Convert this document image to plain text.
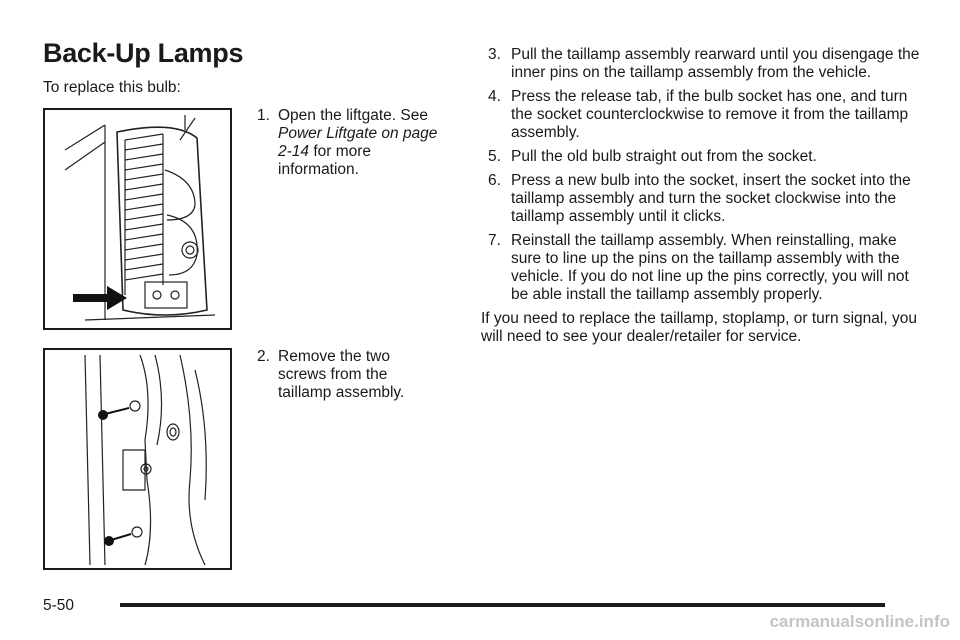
Back-Up Lamps
To replace this bulb:
1. Open the liftgate. See Power Liftgate on page 2-14 for more information.
2. Remove the two screws from the taillamp assembly.
3. Pull the taillamp assembly rearward until you disengage the inner pins on the taillamp assembly from the vehicle.
4. Press the release tab, if the bulb socket has one, and turn the socket counterclockwise to remove it from the taillamp assembly.
5. Pull the old bulb straight out from the socket.
6. Press a new bulb into the socket, insert the socket into the taillamp assembly and turn the socket clockwise into the taillamp assembly until it clicks.
7. Reinstall the taillamp assembly. When reinstalling, make sure to line up the pins on the taillamp assembly with the vehicle. If you do not line up the pins correctly, you will not be able install the taillamp assembly properly.
If you need to replace the taillamp, stoplamp, or turn signal, you will need to see your dealer/retailer for service.
5-50
carmanualsonline.info
